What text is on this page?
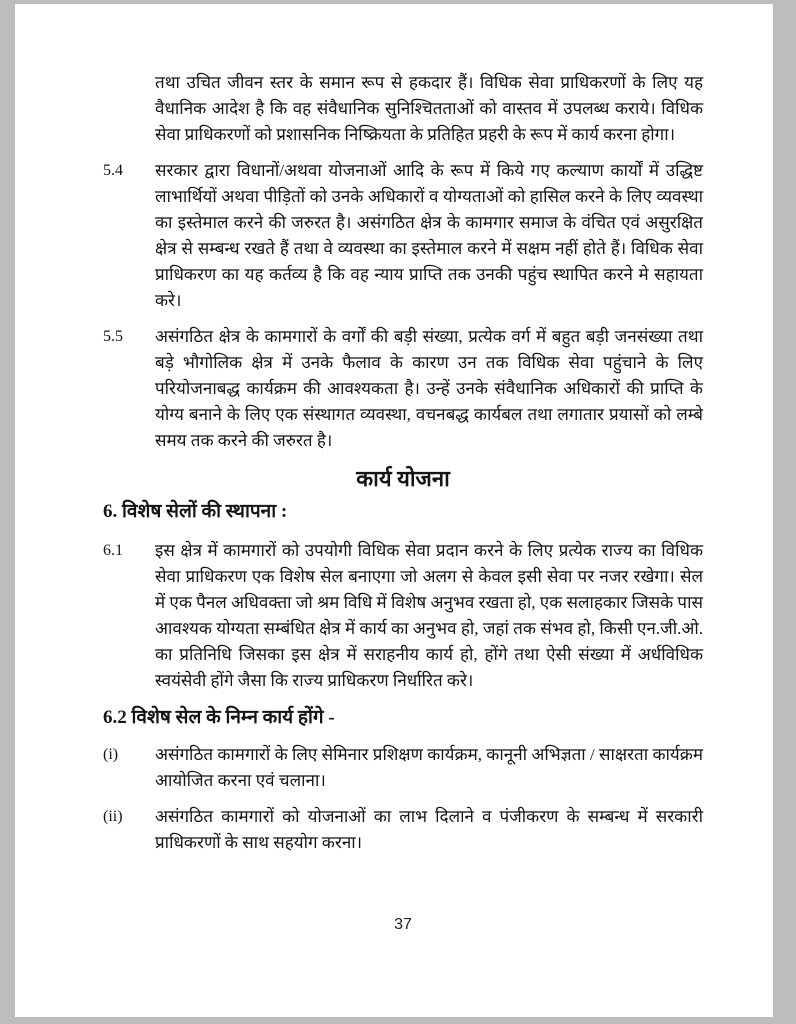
तथा उचित जीवन स्तर के समान रूप से हकदार हैं। विधिक सेवा प्राधिकरणों के लिए यह वैधानिक आदेश है कि वह संवैधानिक सुनिश्चितताओं को वास्तव में उपलब्ध कराये। विधिक सेवा प्राधिकरणों को प्रशासनिक निष्क्रियता के प्रतिहित प्रहरी के रूप में कार्य करना होगा।
5.4	सरकार द्वारा विधानों/अथवा योजनाओं आदि के रूप में किये गए कल्याण कार्यों में उद्धिष्ट लाभार्थियों अथवा पीड़ितों को उनके अधिकारों व योग्यताओं को हासिल करने के लिए व्यवस्था का इस्तेमाल करने की जरुरत है। असंगठित क्षेत्र के कामगार समाज के वंचित एवं असुरक्षित क्षेत्र से सम्बन्ध रखते हैं तथा वे व्यवस्था का इस्तेमाल करने में सक्षम नहीं होते हैं। विधिक सेवा प्राधिकरण का यह कर्तव्य है कि वह न्याय प्राप्ति तक उनकी पहुंच स्थापित करने मे सहायता करे।
5.5	असंगठित क्षेत्र के कामगारों के वर्गों की बड़ी संख्या, प्रत्येक वर्ग में बहुत बड़ी जनसंख्या तथा बड़े भौगोलिक क्षेत्र में उनके फैलाव के कारण उन तक विधिक सेवा पहुंचाने के लिए परियोजनाबद्ध कार्यक्रम की आवश्यकता है। उन्हें उनके संवैधानिक अधिकारों की प्राप्ति के योग्य बनाने के लिए एक संस्थागत व्यवस्था, वचनबद्ध कार्यबल तथा लगातार प्रयासों को लम्बे समय तक करने की जरुरत है।
कार्य योजना
6. विशेष सेलों की स्थापना :
6.1	इस क्षेत्र में कामगारों को उपयोगी विधिक सेवा प्रदान करने के लिए प्रत्येक राज्य का विधिक सेवा प्राधिकरण एक विशेष सेल बनाएगा जो अलग से केवल इसी सेवा पर नजर रखेगा। सेल में एक पैनल अधिवक्ता जो श्रम विधि में विशेष अनुभव रखता हो, एक सलाहकार जिसके पास आवश्यक योग्यता सम्बंधित क्षेत्र में कार्य का अनुभव हो, जहां तक संभव हो, किसी एन.जी.ओ. का प्रतिनिधि जिसका इस क्षेत्र में सराहनीय कार्य हो, होंगे तथा ऐसी संख्या में अर्धविधिक स्वयंसेवी होंगे जैसा कि राज्य प्राधिकरण निर्धारित करे।
6.2 विशेष सेल के निम्न कार्य होंगे -
(i)	असंगठित कामगारों के लिए सेमिनार प्रशिक्षण कार्यक्रम, कानूनी अभिज्ञता / साक्षरता कार्यक्रम आयोजित करना एवं चलाना।
(ii)	असंगठित कामगारों को योजनाओं का लाभ दिलाने व पंजीकरण के सम्बन्ध में सरकारी प्राधिकरणों के साथ सहयोग करना।
37
